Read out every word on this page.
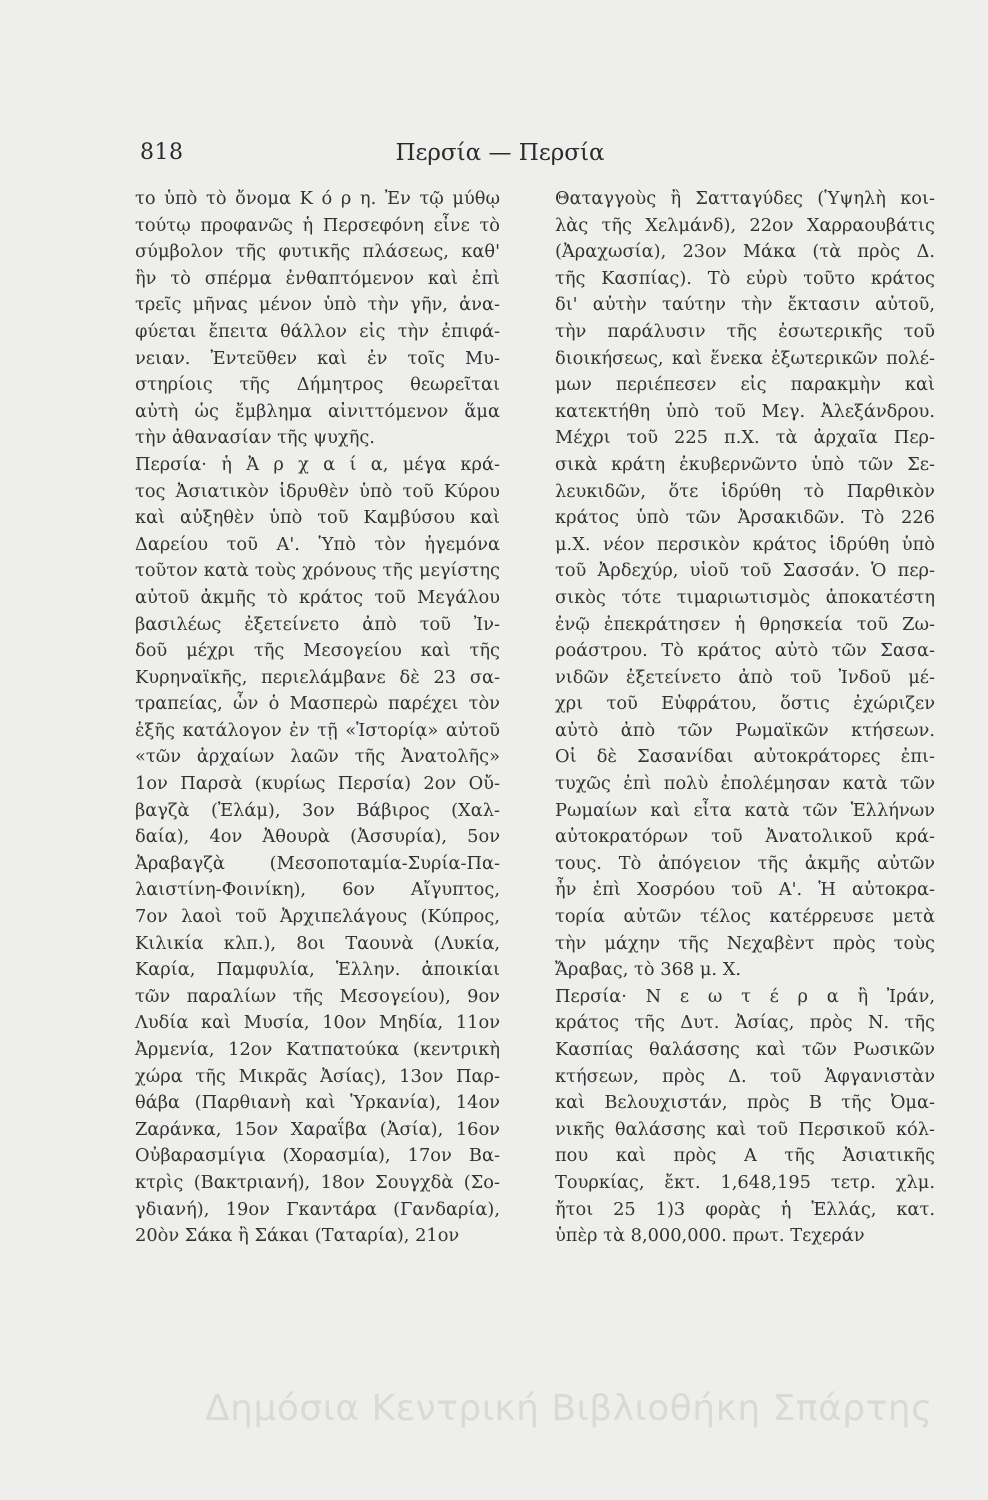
818	Περσία — Περσία
τo ὑπὸ τὸ ὄνομα Κ ό ρ η. Ἐν τῷ μύθῳ
τούτῳ προφανῶς ἡ Περσεφόνη εἶνε τὸ
σύμβολον τῆς φυτικῆς πλάσεως, καθ'
ἣν τὸ σπέρμα ἐνθαπτόμενον καὶ ἐπὶ
τρεῖς μῆνας μένον ὑπὸ τὴν γῆν, ἀνα-
φύεται ἔπειτα θάλλον εἰς τὴν ἐπιφά-
νειαν. Ἐντεῦθεν καὶ ἐν τοῖς Μυ-
στηρίοις τῆς Δήμητρος θεωρεῖται
αὐτὴ ὡς ἔμβλημα αἰνιττόμενον ἅμα
τὴν ἀθανασίαν τῆς ψυχῆς.
Περσία· ἡ Ἀ ρ χ α ί α, μέγα κρά-
τος Ἀσιατικὸν ἱδρυθὲν ὑπὸ τοῦ Κύρου
καὶ αὐξηθὲν ὑπὸ τοῦ Καμβύσου καὶ
Δαρείου τοῦ Α'. Ὑπὸ τὸν ἡγεμόνα
τοῦτον κατὰ τοὺς χρόνους τῆς μεγίστης
αὐτοῦ ἀκμῆς τὸ κράτος τοῦ Μεγάλου
βασιλέως ἐξετείνετο ἀπὸ τοῦ Ἰν-
δοῦ μέχρι τῆς Μεσογείου καὶ τῆς
Κυρηναϊκῆς, περιελάμβανε δὲ 23 σα-
τραπείας, ὧν ὁ Μασπερὼ παρέχει τὸν
ἑξῆς κατάλογον ἐν τῇ «Ἱστορίᾳ» αὐτοῦ
«τῶν ἀρχαίων λαῶν τῆς Ἀνατολῆς»
1ον Παρσὰ (κυρίως Περσία) 2ον Οὔ-
βαγζὰ (Ἐλάμ), 3ον Βάβιρος (Χαλ-
δαία), 4ον Ἀθουρὰ (Ἀσσυρία), 5ον
Ἀραβαγζὰ (Μεσοποταμία-Συρία-Πα-
λαιστίνη-Φοινίκη), 6ον Αἴγυπτος,
7ον λαοὶ τοῦ Ἀρχιπελάγους (Κύπρος,
Κιλικία κλπ.), 8οι Ταουνὰ (Λυκία,
Καρία, Παμφυλία, Ἑλλην. ἀποικίαι
τῶν παραλίων τῆς Μεσογείου), 9ον
Λυδία καὶ Μυσία, 10ον Μηδία, 11ον
Ἀρμενία, 12ον Κατπατούκα (κεντρικὴ
χώρα τῆς Μικρᾶς Ἀσίας), 13ον Παρ-
θάβα (Παρθιανὴ καὶ Ὑρκανία), 14ον
Ζαράνκα, 15ον Χαραΐβα (Ἀσία), 16ον
Οὐβαρασμίγια (Χορασμία), 17ον Βα-
κτρὶς (Βακτριανή), 18ον Σουγχδὰ (Σο-
γδιανή), 19ον Γκαντάρα (Γανδαρία),
20ὸν Σάκα ἢ Σάκαι (Ταταρία), 21ον
Θαταγγοὺς ἢ Σατταγύδες (Ὑψηλὴ κοι-
λὰς τῆς Χελμάνδ), 22ον Χαρραουβάτις
(Ἀραχωσία), 23ον Μάκα (τὰ πρὸς Δ.
τῆς Κασπίας). Τὸ εὐρὺ τοῦτο κράτος
δι' αὐτὴν ταύτην τὴν ἔκτασιν αὐτοῦ,
τὴν παράλυσιν τῆς ἐσωτερικῆς τοῦ
διοικήσεως, καὶ ἕνεκα ἐξωτερικῶν πολέ-
μων περιέπεσεν εἰς παρακμὴν καὶ
κατεκτήθη ὑπὸ τοῦ Μεγ. Ἀλεξάνδρου.
Μέχρι τοῦ 225 π.Χ. τὰ ἀρχαῖα Περ-
σικὰ κράτη ἐκυβερνῶντο ὑπὸ τῶν Σε-
λευκιδῶν, ὅτε ἱδρύθη τὸ Παρθικὸν
κράτος ὑπὸ τῶν Ἀρσακιδῶν. Τὸ 226
μ.Χ. νέον περσικὸν κράτος ἱδρύθη ὑπὸ
τοῦ Ἀρδεχύρ, υἱοῦ τοῦ Σασσάν. Ὁ περ-
σικὸς τότε τιμαριωτισμὸς ἀποκατέστη
ἐνῷ ἐπεκράτησεν ἡ θρησκεία τοῦ Ζω-
ροάστρου. Τὸ κράτος αὐτὸ τῶν Σασα-
νιδῶν ἐξετείνετο ἀπὸ τοῦ Ἰνδοῦ μέ-
χρι τοῦ Εὐφράτου, ὅστις ἐχώριζεν
αὐτὸ ἀπὸ τῶν Ρωμαϊκῶν κτήσεων.
Οἱ δὲ Σασανίδαι αὐτοκράτορες ἐπι-
τυχῶς ἐπὶ πολὺ ἐπολέμησαν κατὰ τῶν
Ρωμαίων καὶ εἶτα κατὰ τῶν Ἑλλήνων
αὐτοκρατόρων τοῦ Ἀνατολικοῦ κρά-
τους. Τὸ ἀπόγειον τῆς ἀκμῆς αὐτῶν
ἦν ἐπὶ Χοσρόου τοῦ Α'. Ἡ αὐτοκρα-
τορία αὐτῶν τέλος κατέρρευσε μετὰ
τὴν μάχην τῆς Νεχαβὲντ πρὸς τοὺς
Ἄραβας, τὸ 368 μ. Χ.
Περσία· Ν ε ω τ έ ρ α ἢ Ἰράν,
κράτος τῆς Δυτ. Ἀσίας, πρὸς Ν. τῆς
Κασπίας θαλάσσης καὶ τῶν Ρωσικῶν
κτήσεων, πρὸς Δ. τοῦ Ἀφγανιστὰν
καὶ Βελουχιστάν, πρὸς Β τῆς Ὀμα-
νικῆς θαλάσσης καὶ τοῦ Περσικοῦ κόλ-
που καὶ πρὸς Α τῆς Ἀσιατικῆς
Τουρκίας, ἔκτ. 1,648,195 τετρ. χλμ.
ἤτοι 25 1)3 φορὰς ἡ Ἑλλάς, κατ.
ὑπὲρ τὰ 8,000,000. πρωτ. Τεχεράν
Δημόσια Κεντρική Βιβλιοθήκη Σπάρτης
